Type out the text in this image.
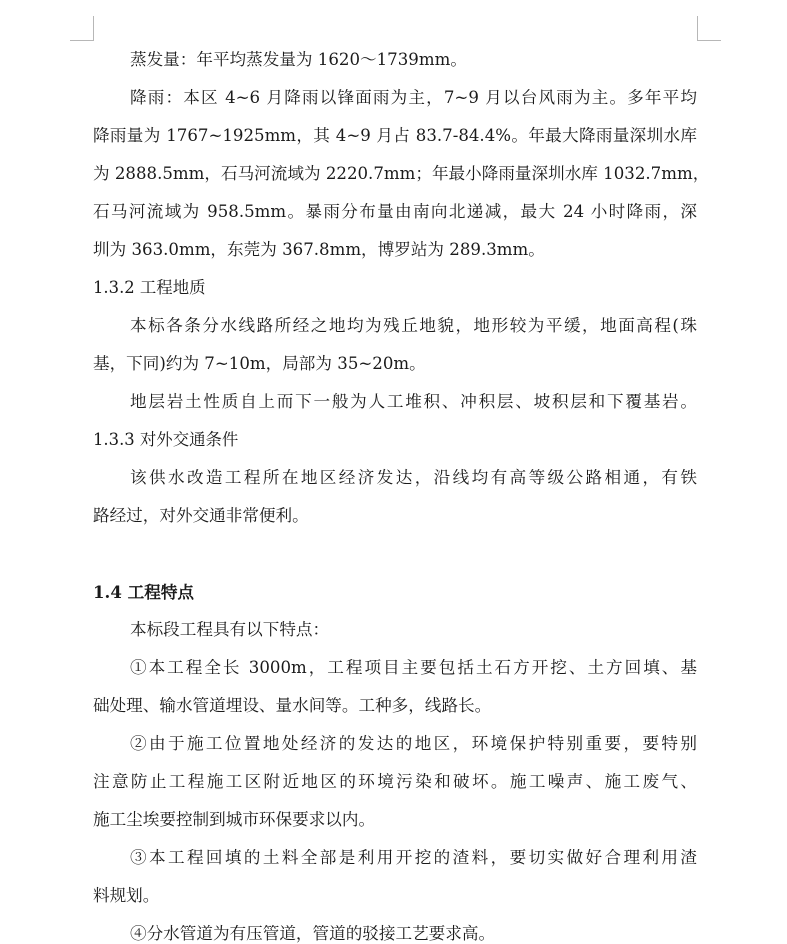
蒸发量：年平均蒸发量为 1620～1739mm。
降雨：本区 4~6 月降雨以锋面雨为主，7~9 月以台风雨为主。多年平均
降雨量为 1767~1925mm，其 4~9 月占 83.7-84.4%。年最大降雨量深圳水库
为 2888.5mm，石马河流域为 2220.7mm；年最小降雨量深圳水库 1032.7mm，
石马河流域为 958.5mm。暴雨分布量由南向北递减，最大 24 小时降雨，深
圳为 363.0mm，东莞为 367.8mm，博罗站为 289.3mm。
1.3.2 工程地质
本标各条分水线路所经之地均为残丘地貌，地形较为平缓，地面高程(珠
基，下同)约为 7~10m，局部为 35~20m。
地层岩土性质自上而下一般为人工堆积、冲积层、坡积层和下覆基岩。
1.3.3 对外交通条件
该供水改造工程所在地区经济发达，沿线均有高等级公路相通，有铁
路经过，对外交通非常便利。
1.4 工程特点
本标段工程具有以下特点：
①本工程全长 3000m，工程项目主要包括土石方开挖、土方回填、基
础处理、输水管道埋设、量水间等。工种多，线路长。
②由于施工位置地处经济的发达的地区，环境保护特别重要，要特别
注意防止工程施工区附近地区的环境污染和破坏。施工噪声、施工废气、
施工尘埃要控制到城市环保要求以内。
③本工程回填的土料全部是利用开挖的渣料，要切实做好合理利用渣
料规划。
④分水管道为有压管道，管道的驳接工艺要求高。
